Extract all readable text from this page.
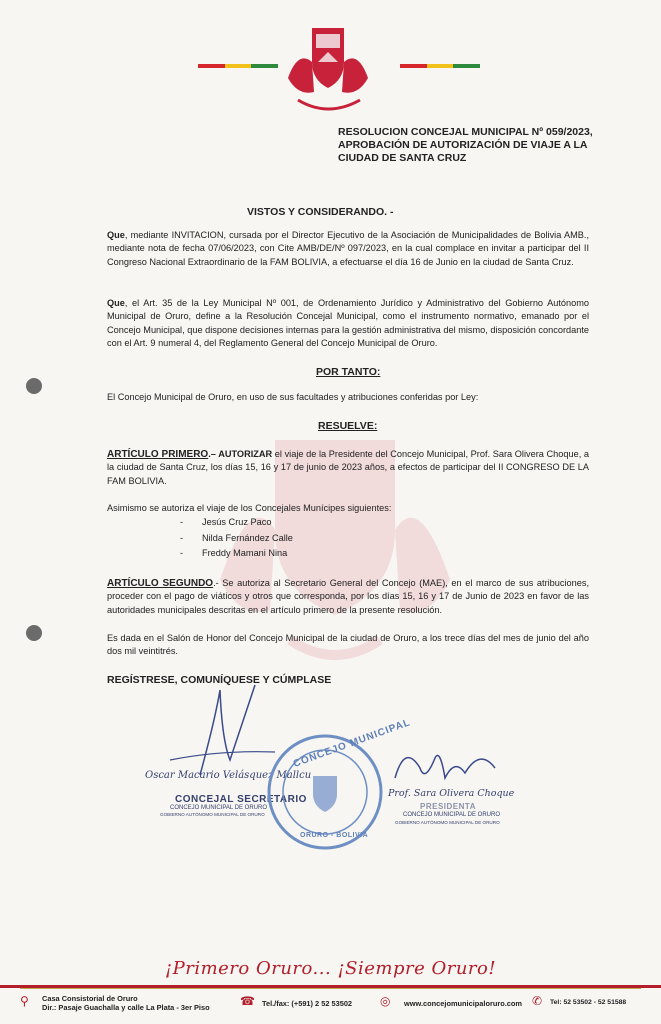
RESOLUCION CONCEJAL MUNICIPAL Nº 059/2023, APROBACIÓN DE AUTORIZACIÓN DE VIAJE A LA CIUDAD DE SANTA CRUZ
VISTOS Y CONSIDERANDO. -
Que, mediante INVITACION, cursada por el Director Ejecutivo de la Asociación de Municipalidades de Bolivia AMB., mediante nota de fecha 07/06/2023, con Cite AMB/DE/Nº 097/2023, en la cual complace en invitar a participar del II Congreso Nacional Extraordinario de la FAM BOLIVIA, a efectuarse el día 16 de Junio en la ciudad de Santa Cruz.
Que, el Art. 35 de la Ley Municipal Nº 001, de Ordenamiento Jurídico y Administrativo del Gobierno Autónomo Municipal de Oruro, define a la Resolución Concejal Municipal, como el instrumento normativo, emanado por el Concejo Municipal, que dispone decisiones internas para la gestión administrativa del mismo, disposición concordante con el Art. 9 numeral 4, del Reglamento General del Concejo Municipal de Oruro.
POR TANTO:
El Concejo Municipal de Oruro, en uso de sus facultades y atribuciones conferidas por Ley:
RESUELVE:
ARTÍCULO PRIMERO.– AUTORIZAR el viaje de la Presidente del Concejo Municipal, Prof. Sara Olivera Choque, a la ciudad de Santa Cruz, los días 15, 16 y 17 de junio de 2023 años, a efectos de participar del II CONGRESO DE LA FAM BOLIVIA.
Asimismo se autoriza el viaje de los Concejales Munícipes siguientes:
- Jesús Cruz Paco
- Nilda Fernández Calle
- Freddy Mamani Nina
ARTÍCULO SEGUNDO.- Se autoriza al Secretario General del Concejo (MAE), en el marco de sus atribuciones, proceder con el pago de viáticos y otros que corresponda, por los días 15, 16 y 17 de Junio de 2023 en favor de las autoridades municipales descritas en el artículo primero de la presente resolución.
Es dada en el Salón de Honor del Concejo Municipal de la ciudad de Oruro, a los trece días del mes de junio del año dos mil veintitrés.
REGÍSTRESE, COMUNÍQUESE Y CÚMPLASE
Oscar Macario Velásquez Mallcu
CONCEJAL SECRETARIO
CONCEJO MUNICIPAL DE ORURO
GOBIERNO AUTÓNOMO MUNICIPAL DE ORURO
CONCEJO MUNICIPAL
ORURO - BOLIVIA
Prof. Sara Olivera Choque
PRESIDENTA
CONCEJO MUNICIPAL DE ORURO
GOBIERNO AUTÓNOMO MUNICIPAL DE ORURO
¡Primero Oruro... ¡Siempre Oruro!
⚲ Casa Consistorial de Oruro
Dir.: Pasaje Guachalla y calle La Plata - 3er Piso	☎ Tel./fax: (+591) 2 52 53502 ◎ www.concejomunicipaloruro.com ✆ Tel: 52 53502 - 52 51588
